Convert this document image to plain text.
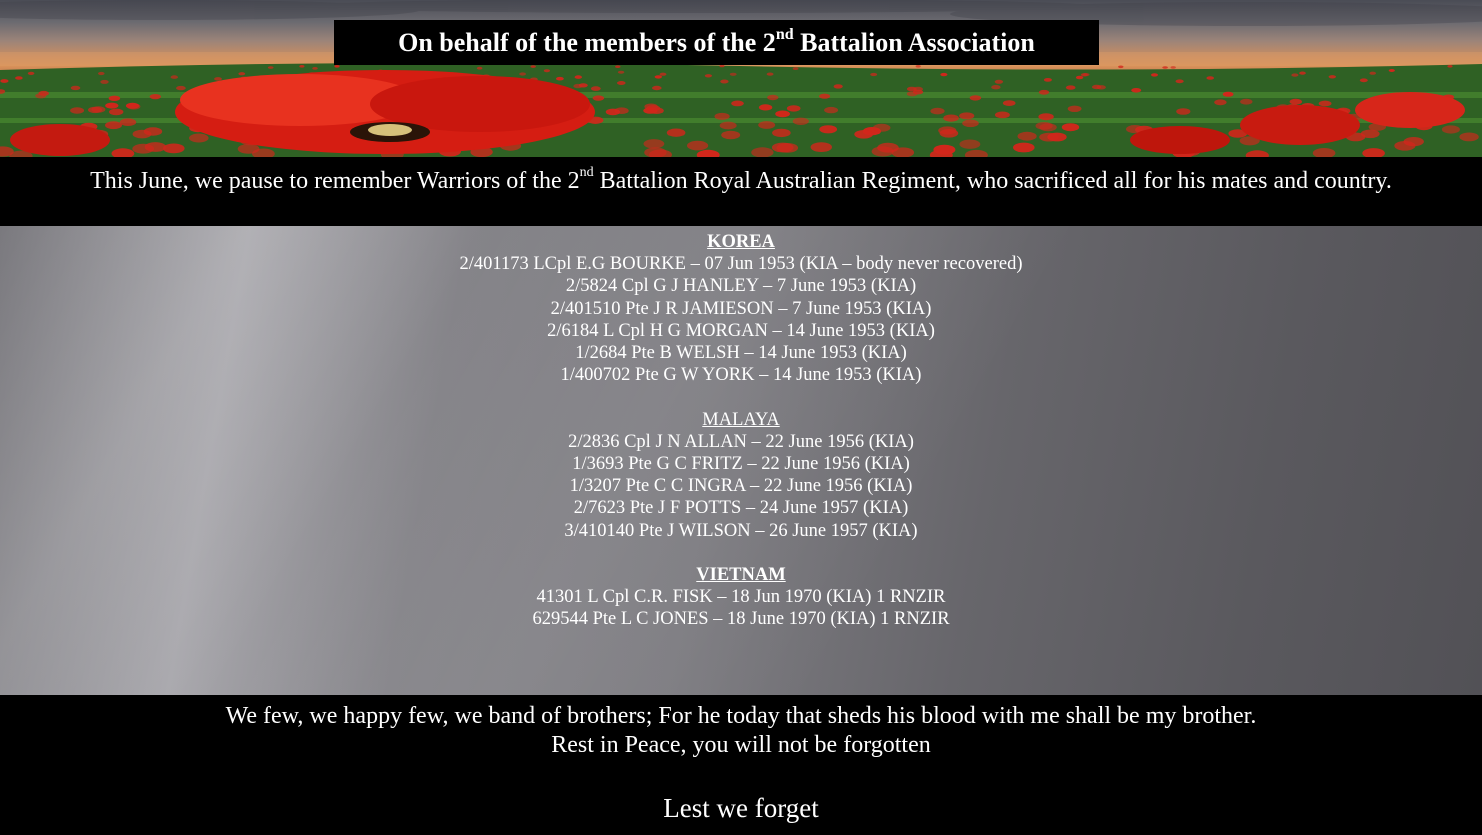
On behalf of the members of the 2nd Battalion Association
This June, we pause to remember Warriors of the 2nd Battalion Royal Australian Regiment, who sacrificed all for his mates and country.
KOREA
2/401173 LCpl E.G BOURKE – 07 Jun 1953 (KIA – body never recovered)
2/5824 Cpl G J HANLEY – 7 June 1953 (KIA)
2/401510 Pte J R JAMIESON – 7 June 1953 (KIA)
2/6184 L Cpl H G MORGAN – 14 June 1953 (KIA)
1/2684 Pte B WELSH – 14 June 1953 (KIA)
1/400702 Pte G W YORK – 14 June 1953 (KIA)
MALAYA
2/2836 Cpl J N ALLAN – 22 June 1956 (KIA)
1/3693 Pte G C FRITZ – 22 June 1956 (KIA)
1/3207 Pte C C INGRA – 22 June 1956 (KIA)
2/7623 Pte J F POTTS – 24 June 1957 (KIA)
3/410140 Pte J WILSON – 26 June 1957 (KIA)
VIETNAM
41301 L Cpl C.R. FISK – 18 Jun 1970 (KIA) 1 RNZIR
629544 Pte L C JONES – 18 June 1970 (KIA) 1 RNZIR
We few, we happy few, we band of brothers; For he today that sheds his blood with me shall be my brother.
Rest in Peace, you will not be forgotten
Lest we forget
